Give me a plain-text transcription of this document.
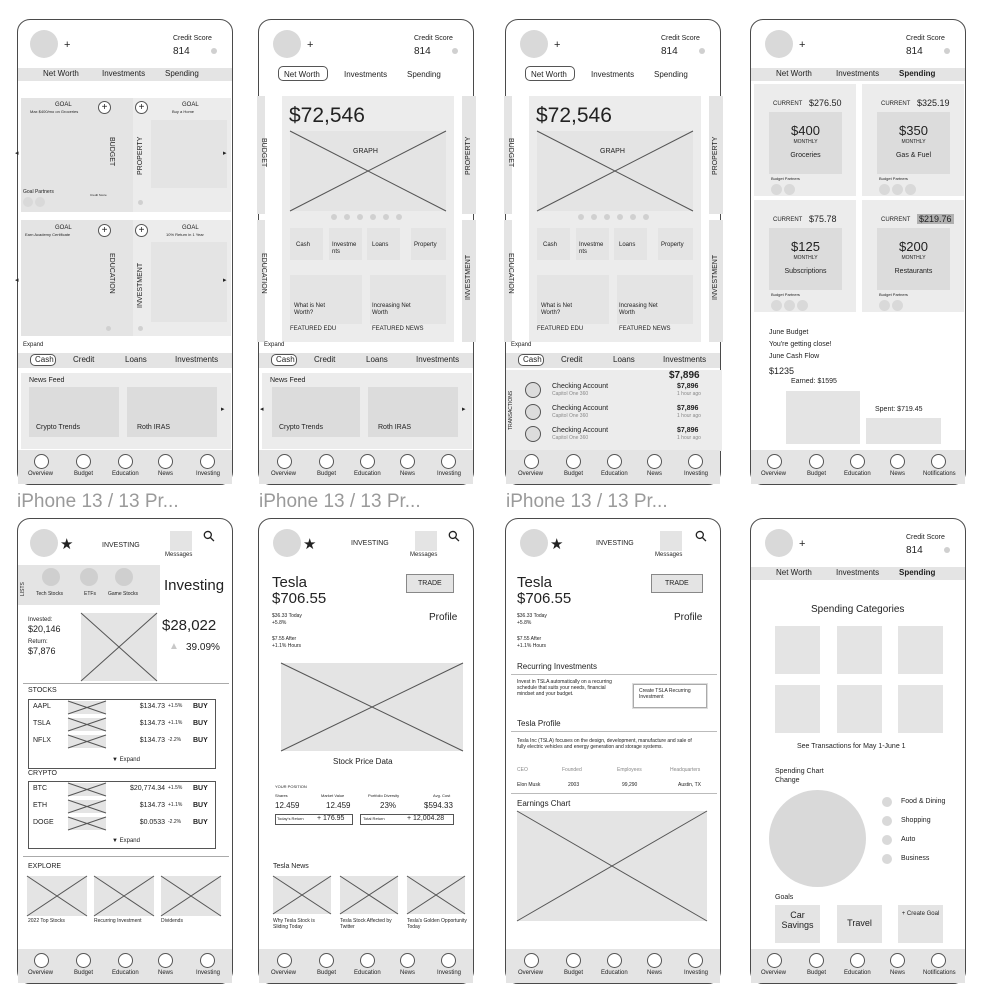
+
Credit Score
814
Net Worth	Investments Spending
GOAL
Max $400/mo on Groceries	+
◂	BUDGET
Goal Partners	Credit Score
+	GOAL
Buy a Home
PROPERTY	▸
GOAL
Earn Academy Certificate	+
◂	EDUCATION
+	GOAL
10% Return in 1 Year
INVESTMENT	▸
Expand
Cash Credit	Loans	Investments
News Feed
Crypto Trends	Roth IRAS
▸
Overview	Budget	Education	News	Investing
+
Credit Score
814
Net Worth	Investments Spending
BUDGET
$72,546
GRAPH
Cash	Investme nts
Loans	Property
What is Net Worth?
FEATURED EDU
Increasing Net Worth
FEATURED NEWS
EDUCATION
PROPERTY
INVESTMENT
Expand
Cash Credit	Loans	Investments
News Feed
◂
Crypto Trends	Roth IRAS
▸
Overview	Budget	Education	News	Investing
+
Credit Score
814
Net Worth	Investments Spending
BUDGET
$72,546
GRAPH
Cash	Investme nts
Loans	Property
What is Net Worth?
FEATURED EDU
Increasing Net Worth
FEATURED NEWS
EDUCATION
PROPERTY
INVESTMENT
Expand
Cash Credit	Loans	Investments
TRANSACTIONS
$7,896
Overview	Budget	Education	News	Investing
Checking Account
Capitol One 360
$7,896
1 hour ago
Checking Account
Capitol One 360
$7,896
1 hour ago
Checking Account
Capitol One 360
$7,896
1 hour ago
+
Credit Score
814
Net Worth	Investments Spending
June Budget
You're getting close!
June Cash Flow
$1235
Earned: $1595
Spent: $719.45
Overview	Budget	Education	News	Notifications
CURRENT $276.50
$400
MONTHLY
Groceries
Budget Partners
CURRENT $325.19
$350
MONTHLY
Gas & Fuel
Budget Partners
CURRENT $75.78
$125
MONTHLY
Subscriptions
Budget Partners
CURRENT $219.76
$200
MONTHLY
Restaurants
Budget Partners
iPhone 13 / 13 Pr...	iPhone 13 / 13 Pr...	iPhone 13 / 13 Pr...
★	INVESTING
Messages
⚲
LISTS Tech Stocks	ETFs Game Stocks Investing
Invested:
$20,146
Return:
$7,876
$28,022
▲ 39.09%
STOCKS
▼ Expand
CRYPTO
▼ Expand
EXPLORE
2022 Top Stocks	Recurring Investment	Dividends
Overview	Budget	Education	News	Investing
AAPL	$134.73 +1.5% BUY
TSLA	$134.73 +1.1% BUY
NFLX	$134.73 -2.2% BUY
BTC	$20,774.34 +1.5% BUY
ETH	$134.73 +1.1% BUY
DOGE	$0.0533 -2.2% BUY
★	INVESTING
Messages
⚲
Tesla
$706.55
TRADE
Profile
$36.33 Today
+5.8%
$7.55 After
+1.1% Hours
Stock Price Data
YOUR POSITION
Shares
12.459
Market Value
12.459
Portfolio Diversity
23%
Avg. Cost
$594.33
Today's Return + 176.95	Total Return	+ 12,004.28
Tesla News
Why Tesla Stock is Sliding Today
Tesla Stock Affected by Twitter
Tesla's Golden Opportunity Today
Overview	Budget	Education	News	Investing
★	INVESTING
Messages
⚲
Tesla
$706.55
TRADE
Profile
$36.33 Today
+5.8%
$7.55 After
+1.1% Hours
Recurring Investments
Invest in TSLA automatically on a recurring schedule that suits your needs, financial mindset and your budget.	Create TSLA Recurring Investment
Tesla Profile
Tesla Inc (TSLA) focuses on the design, development, manufacture and sale of fully electric vehicles and energy generation and storage systems.
CEO	Founded	Employees	Headquarters
Elon Musk	2003	99,290	Austin, TX
Earnings Chart
Overview	Budget	Education	News	Investing
+
Credit Score
814
Net Worth	Investments Spending
Spending Categories
See Transactions for May 1-June 1
Spending Chart
Change
Goals
Car Savings	Travel
+ Create Goal
Overview	Budget	Education	News	Notifications
Food & Dining
Shopping
Auto
Business
